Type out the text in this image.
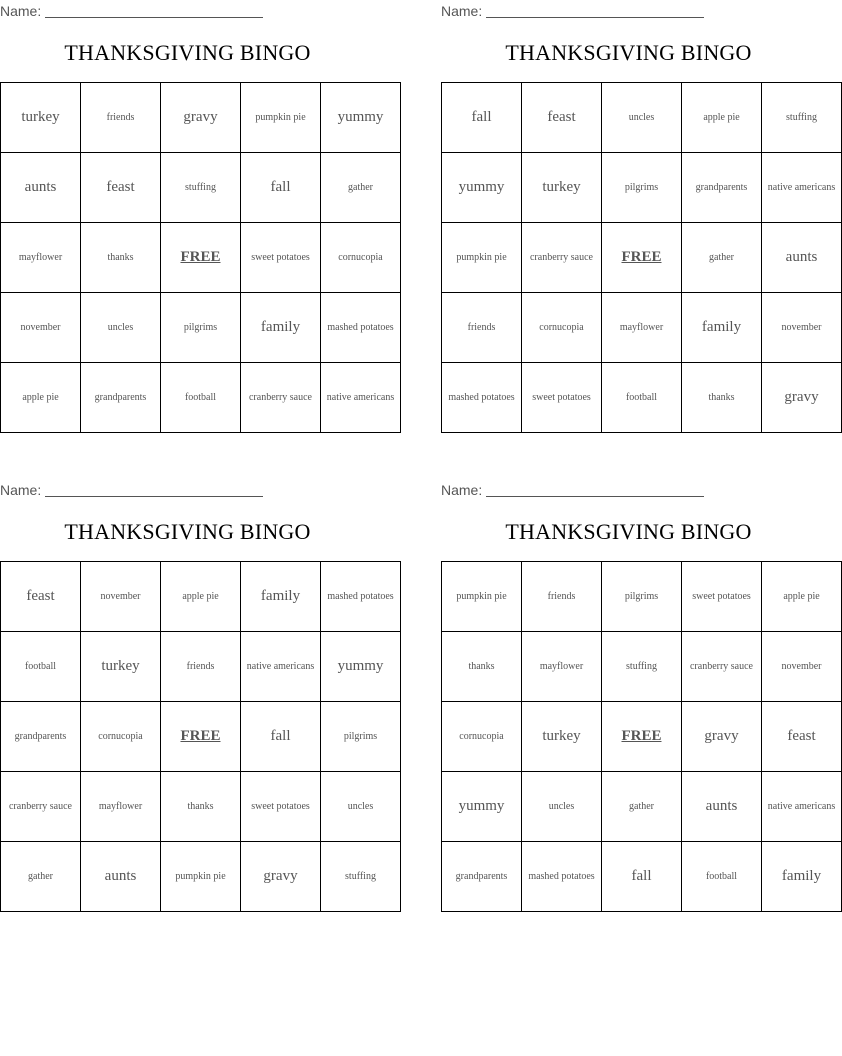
Name:
THANKSGIVING BINGO
turkey	friends	gravy	pumpkin pie	yummy
aunts	feast	stuffing	fall	gather
mayflower	thanks	FREE	sweet potatoes	cornucopia
november	uncles	pilgrims	family	mashed potatoes
apple pie	grandparents	football	cranberry sauce	native americans
Name:
THANKSGIVING BINGO
fall	feast	uncles	apple pie	stuffing
yummy	turkey	pilgrims	grandparents	native americans
pumpkin pie	cranberry sauce	FREE	gather	aunts
friends	cornucopia	mayflower	family	november
mashed potatoes	sweet potatoes	football	thanks	gravy
Name:
THANKSGIVING BINGO
feast	november	apple pie	family	mashed potatoes
football	turkey	friends	native americans	yummy
grandparents	cornucopia	FREE	fall	pilgrims
cranberry sauce	mayflower	thanks	sweet potatoes	uncles
gather	aunts	pumpkin pie	gravy	stuffing
Name:
THANKSGIVING BINGO
pumpkin pie	friends	pilgrims	sweet potatoes	apple pie
thanks	mayflower	stuffing	cranberry sauce	november
cornucopia	turkey	FREE	gravy	feast
yummy	uncles	gather	aunts	native americans
grandparents	mashed potatoes	fall	football	family
